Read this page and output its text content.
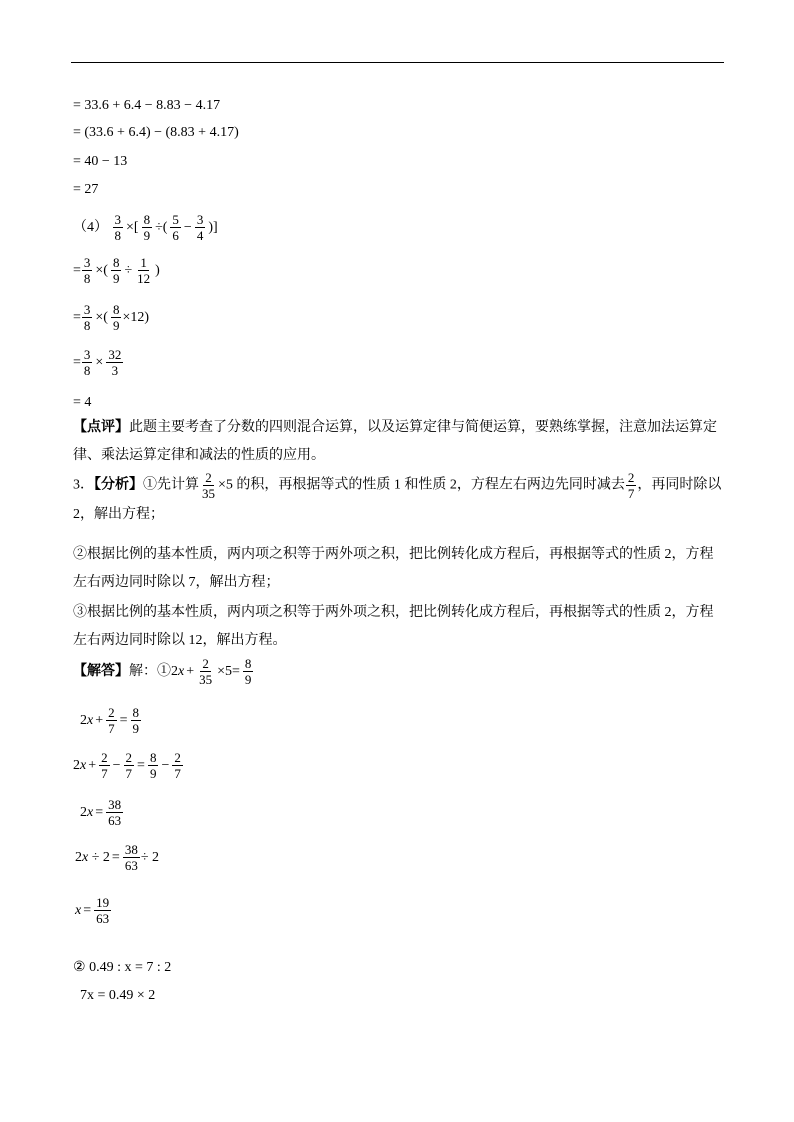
= 33.6 + 6.4 − 8.83 − 4.17
= (33.6 + 6.4) − (8.83 + 4.17)
= 40 − 13
= 27
$(4) \frac{3}{8}$ ×[ $\frac{8}{9}$ ÷( $\frac{5}{6} - \frac{3}{4}$ )]
= $\frac{3}{8}$ ×( $\frac{8}{9} \div \frac{1}{12}$ )
= $\frac{3}{8}$ ×( $\frac{8}{9} \times 12$)
= $\frac{3}{8} \times \frac{32}{3}$
= 4
【点评】此题主要考查了分数的四则混合运算，以及运算定律与简便运算，要熟练掌握，注意加法运算定律、乘法运算定律和减法的性质的应用。
3．【分析】①先计算 $\frac{2}{35} \times 5$ 的积，再根据等式的性质 1 和性质 2，方程左右两边先同时减去 $\frac{2}{7}$ ，再同时除以 2，解出方程；
②根据比例的基本性质，两内项之积等于两外项之积，把比例转化成方程后，再根据等式的性质 2，方程左右两边同时除以 7，解出方程；
③根据比例的基本性质，两内项之积等于两外项之积，把比例转化成方程后，再根据等式的性质 2，方程左右两边同时除以 12，解出方程。
【解答】解：①2x + $\frac{2}{35} \times 5= \frac{8}{9}$
$2x + \frac{2}{7} = \frac{8}{9}$
$2x + \frac{2}{7} - \frac{2}{7} = \frac{8}{9} - \frac{2}{7}$
$2x = \frac{38}{63}$
$2x \div 2 = \frac{38}{63} \div 2$
$x = \frac{19}{63}$
② 0.49 : x = 7 : 2
7x = 0.49 × 2
